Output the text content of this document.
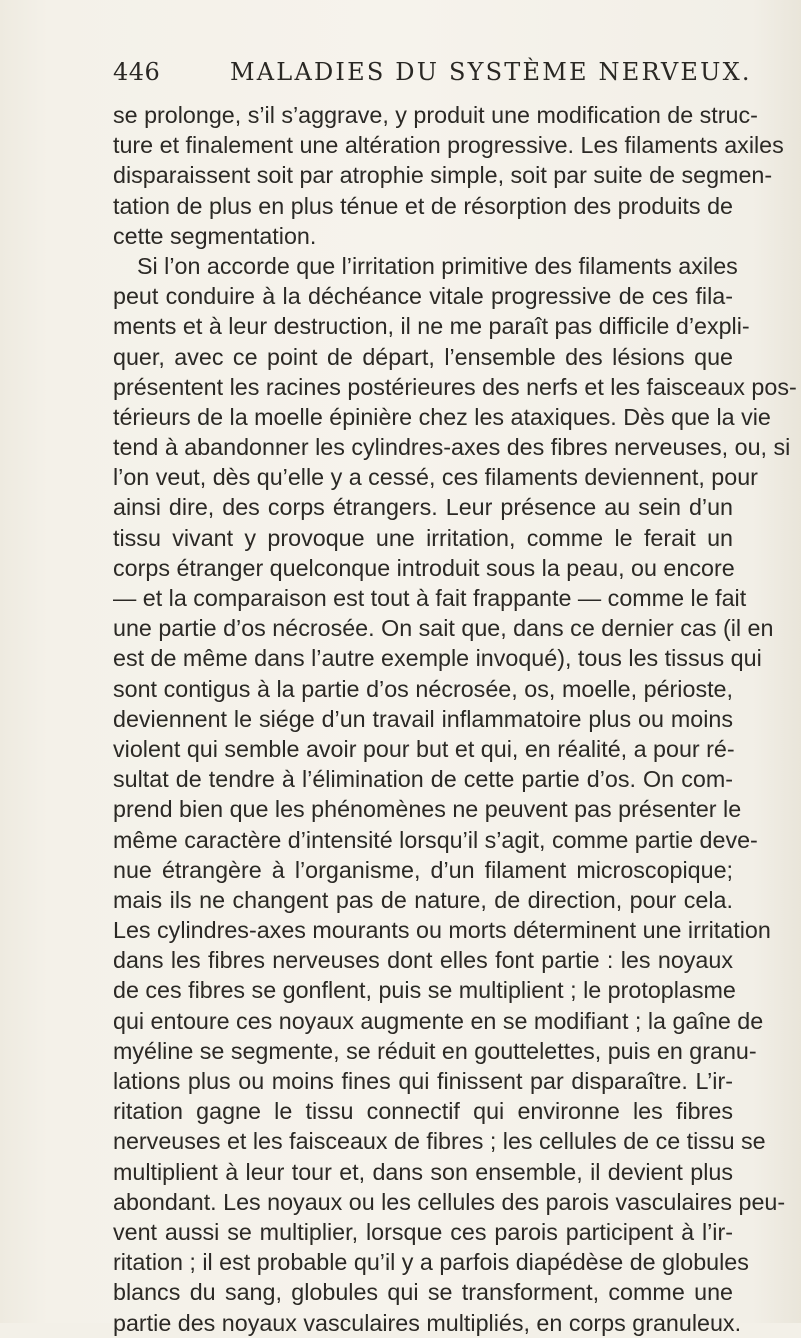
446	MALADIES DU SYSTÈME NERVEUX.
se prolonge, s’il s’aggrave, y produit une modification de struc-
ture et finalement une altération progressive. Les filaments axiles
disparaissent soit par atrophie simple, soit par suite de segmen-
tation de plus en plus ténue et de résorption des produits de
cette segmentation.
Si l’on accorde que l’irritation primitive des filaments axiles
peut conduire à la déchéance vitale progressive de ces fila-
ments et à leur destruction, il ne me paraît pas difficile d’expli-
quer, avec ce point de départ, l’ensemble des lésions que
présentent les racines postérieures des nerfs et les faisceaux pos-
térieurs de la moelle épinière chez les ataxiques. Dès que la vie
tend à abandonner les cylindres-axes des fibres nerveuses, ou, si
l’on veut, dès qu’elle y a cessé, ces filaments deviennent, pour
ainsi dire, des corps étrangers. Leur présence au sein d’un
tissu vivant y provoque une irritation, comme le ferait un
corps étranger quelconque introduit sous la peau, ou encore
— et la comparaison est tout à fait frappante — comme le fait
une partie d’os nécrosée. On sait que, dans ce dernier cas (il en
est de même dans l’autre exemple invoqué), tous les tissus qui
sont contigus à la partie d’os nécrosée, os, moelle, périoste,
deviennent le siége d’un travail inflammatoire plus ou moins
violent qui semble avoir pour but et qui, en réalité, a pour ré-
sultat de tendre à l’élimination de cette partie d’os. On com-
prend bien que les phénomènes ne peuvent pas présenter le
même caractère d’intensité lorsqu’il s’agit, comme partie deve-
nue étrangère à l’organisme, d’un filament microscopique;
mais ils ne changent pas de nature, de direction, pour cela.
Les cylindres-axes mourants ou morts déterminent une irritation
dans les fibres nerveuses dont elles font partie : les noyaux
de ces fibres se gonflent, puis se multiplient ; le protoplasme
qui entoure ces noyaux augmente en se modifiant ; la gaîne de
myéline se segmente, se réduit en gouttelettes, puis en granu-
lations plus ou moins fines qui finissent par disparaître. L’ir-
ritation gagne le tissu connectif qui environne les fibres
nerveuses et les faisceaux de fibres ; les cellules de ce tissu se
multiplient à leur tour et, dans son ensemble, il devient plus
abondant. Les noyaux ou les cellules des parois vasculaires peu-
vent aussi se multiplier, lorsque ces parois participent à l’ir-
ritation ; il est probable qu’il y a parfois diapédèse de globules
blancs du sang, globules qui se transforment, comme une
partie des noyaux vasculaires multipliés, en corps granuleux.
